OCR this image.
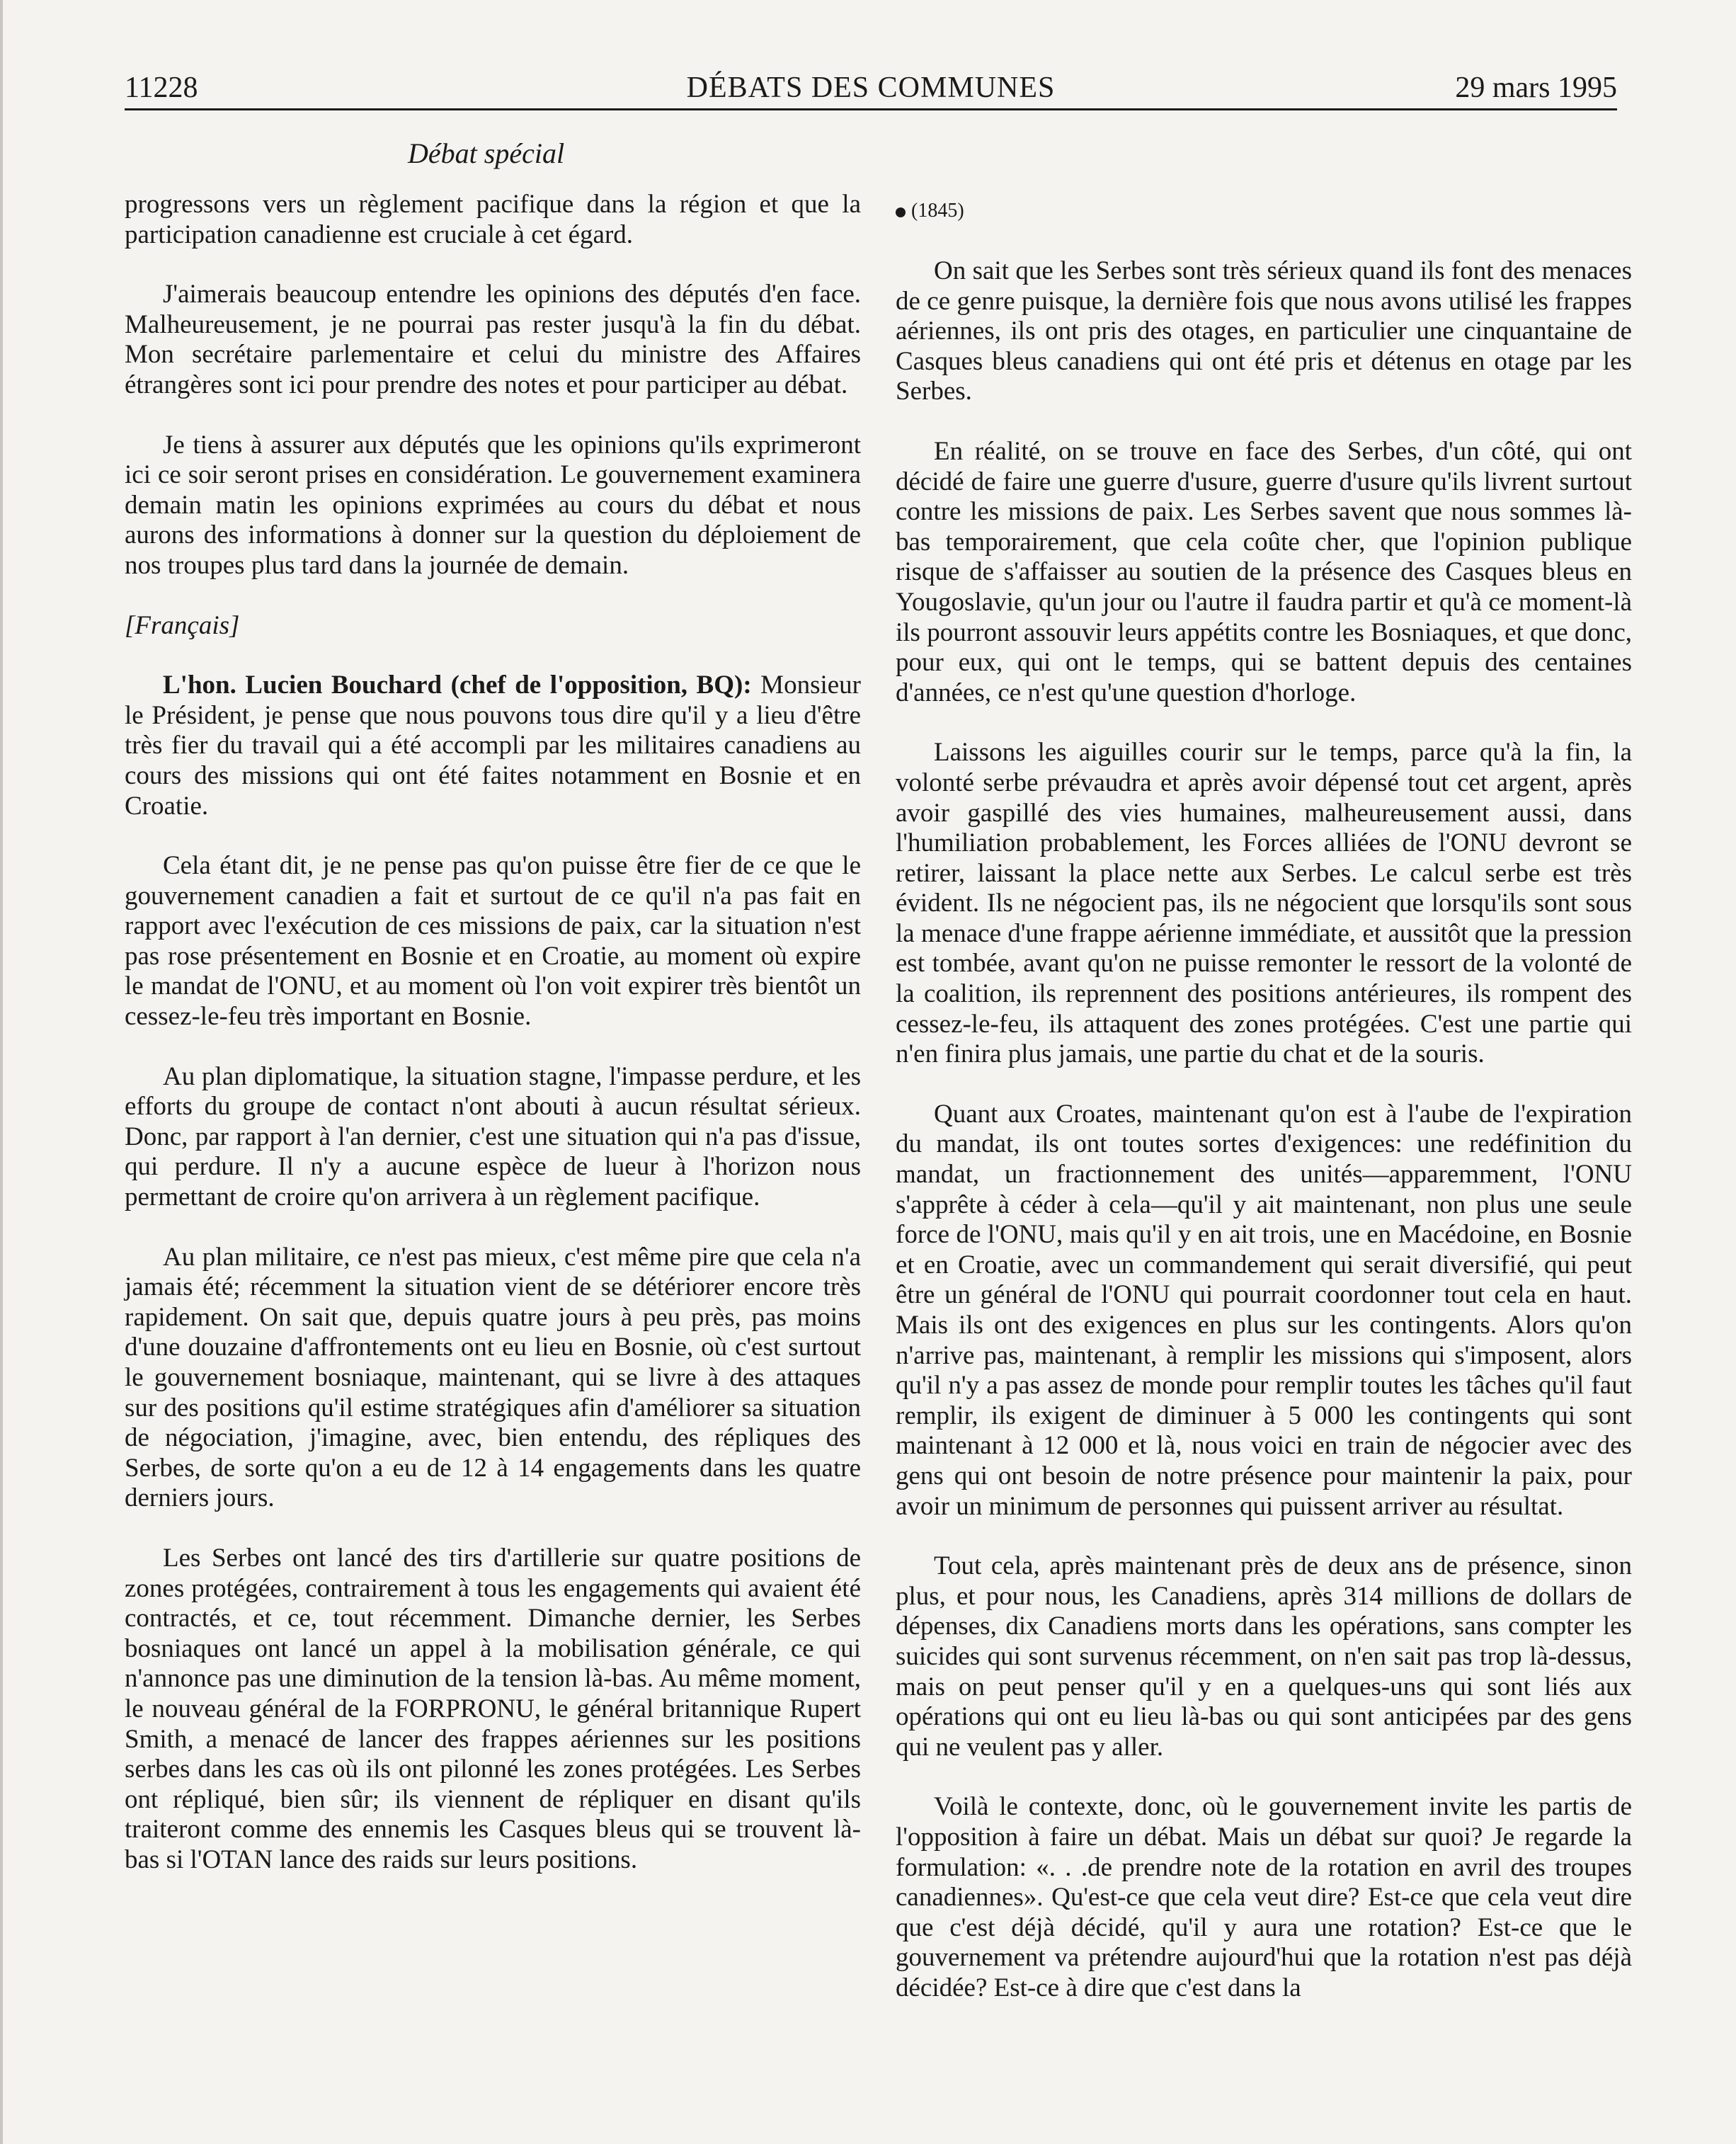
11228	DÉBATS DES COMMUNES	29 mars 1995
Débat spécial

progressons vers un règlement pacifique dans la région et que la participation canadienne est cruciale à cet égard.

J'aimerais beaucoup entendre les opinions des députés d'en face. Malheureusement, je ne pourrai pas rester jusqu'à la fin du débat. Mon secrétaire parlementaire et celui du ministre des Affaires étrangères sont ici pour prendre des notes et pour participer au débat.

Je tiens à assurer aux députés que les opinions qu'ils exprimeront ici ce soir seront prises en considération. Le gouvernement examinera demain matin les opinions exprimées au cours du débat et nous aurons des informations à donner sur la question du déploiement de nos troupes plus tard dans la journée de demain.

[Français]

L'hon. Lucien Bouchard (chef de l'opposition, BQ): Monsieur le Président, je pense que nous pouvons tous dire qu'il y a lieu d'être très fier du travail qui a été accompli par les militaires canadiens au cours des missions qui ont été faites notamment en Bosnie et en Croatie.

Cela étant dit, je ne pense pas qu'on puisse être fier de ce que le gouvernement canadien a fait et surtout de ce qu'il n'a pas fait en rapport avec l'exécution de ces missions de paix, car la situation n'est pas rose présentement en Bosnie et en Croatie, au moment où expire le mandat de l'ONU, et au moment où l'on voit expirer très bientôt un cessez-le-feu très important en Bosnie.

Au plan diplomatique, la situation stagne, l'impasse perdure, et les efforts du groupe de contact n'ont abouti à aucun résultat sérieux. Donc, par rapport à l'an dernier, c'est une situation qui n'a pas d'issue, qui perdure. Il n'y a aucune espèce de lueur à l'horizon nous permettant de croire qu'on arrivera à un règlement pacifique.

Au plan militaire, ce n'est pas mieux, c'est même pire que cela n'a jamais été; récemment la situation vient de se détériorer encore très rapidement. On sait que, depuis quatre jours à peu près, pas moins d'une douzaine d'affrontements ont eu lieu en Bosnie, où c'est surtout le gouvernement bosniaque, maintenant, qui se livre à des attaques sur des positions qu'il estime stratégiques afin d'améliorer sa situation de négociation, j'imagine, avec, bien entendu, des répliques des Serbes, de sorte qu'on a eu de 12 à 14 engagements dans les quatre derniers jours.

Les Serbes ont lancé des tirs d'artillerie sur quatre positions de zones protégées, contrairement à tous les engagements qui avaient été contractés, et ce, tout récemment. Dimanche dernier, les Serbes bosniaques ont lancé un appel à la mobilisation générale, ce qui n'annonce pas une diminution de la tension là-bas. Au même moment, le nouveau général de la FORPRONU, le général britannique Rupert Smith, a menacé de lancer des frappes aériennes sur les positions serbes dans les cas où ils ont pilonné les zones protégées. Les Serbes ont répliqué, bien sûr; ils viennent de répliquer en disant qu'ils traiteront comme des ennemis les Casques bleus qui se trouvent là-bas si l'OTAN lance des raids sur leurs positions.

(1845)

On sait que les Serbes sont très sérieux quand ils font des menaces de ce genre puisque, la dernière fois que nous avons utilisé les frappes aériennes, ils ont pris des otages, en particulier une cinquantaine de Casques bleus canadiens qui ont été pris et détenus en otage par les Serbes.

En réalité, on se trouve en face des Serbes, d'un côté, qui ont décidé de faire une guerre d'usure, guerre d'usure qu'ils livrent surtout contre les missions de paix. Les Serbes savent que nous sommes là-bas temporairement, que cela coûte cher, que l'opinion publique risque de s'affaisser au soutien de la présence des Casques bleus en Yougoslavie, qu'un jour ou l'autre il faudra partir et qu'à ce moment-là ils pourront assouvir leurs appétits contre les Bosniaques, et que donc, pour eux, qui ont le temps, qui se battent depuis des centaines d'années, ce n'est qu'une question d'horloge.

Laissons les aiguilles courir sur le temps, parce qu'à la fin, la volonté serbe prévaudra et après avoir dépensé tout cet argent, après avoir gaspillé des vies humaines, malheureusement aussi, dans l'humiliation probablement, les Forces alliées de l'ONU devront se retirer, laissant la place nette aux Serbes. Le calcul serbe est très évident. Ils ne négocient pas, ils ne négocient que lorsqu'ils sont sous la menace d'une frappe aérienne immédiate, et aussitôt que la pression est tombée, avant qu'on ne puisse remonter le ressort de la volonté de la coalition, ils reprennent des positions antérieures, ils rompent des cessez-le-feu, ils attaquent des zones protégées. C'est une partie qui n'en finira plus jamais, une partie du chat et de la souris.

Quant aux Croates, maintenant qu'on est à l'aube de l'expiration du mandat, ils ont toutes sortes d'exigences: une redéfinition du mandat, un fractionnement des unités—apparemment, l'ONU s'apprête à céder à cela—qu'il y ait maintenant, non plus une seule force de l'ONU, mais qu'il y en ait trois, une en Macédoine, en Bosnie et en Croatie, avec un commandement qui serait diversifié, qui peut être un général de l'ONU qui pourrait coordonner tout cela en haut. Mais ils ont des exigences en plus sur les contingents. Alors qu'on n'arrive pas, maintenant, à remplir les missions qui s'imposent, alors qu'il n'y a pas assez de monde pour remplir toutes les tâches qu'il faut remplir, ils exigent de diminuer à 5 000 les contingents qui sont maintenant à 12 000 et là, nous voici en train de négocier avec des gens qui ont besoin de notre présence pour maintenir la paix, pour avoir un minimum de personnes qui puissent arriver au résultat.

Tout cela, après maintenant près de deux ans de présence, sinon plus, et pour nous, les Canadiens, après 314 millions de dollars de dépenses, dix Canadiens morts dans les opérations, sans compter les suicides qui sont survenus récemment, on n'en sait pas trop là-dessus, mais on peut penser qu'il y en a quelques-uns qui sont liés aux opérations qui ont eu lieu là-bas ou qui sont anticipées par des gens qui ne veulent pas y aller.

Voilà le contexte, donc, où le gouvernement invite les partis de l'opposition à faire un débat. Mais un débat sur quoi? Je regarde la formulation: «. . .de prendre note de la rotation en avril des troupes canadiennes». Qu'est-ce que cela veut dire? Est-ce que cela veut dire que c'est déjà décidé, qu'il y aura une rotation? Est-ce que le gouvernement va prétendre aujourd'hui que la rotation n'est pas déjà décidée? Est-ce à dire que c'est dans la
